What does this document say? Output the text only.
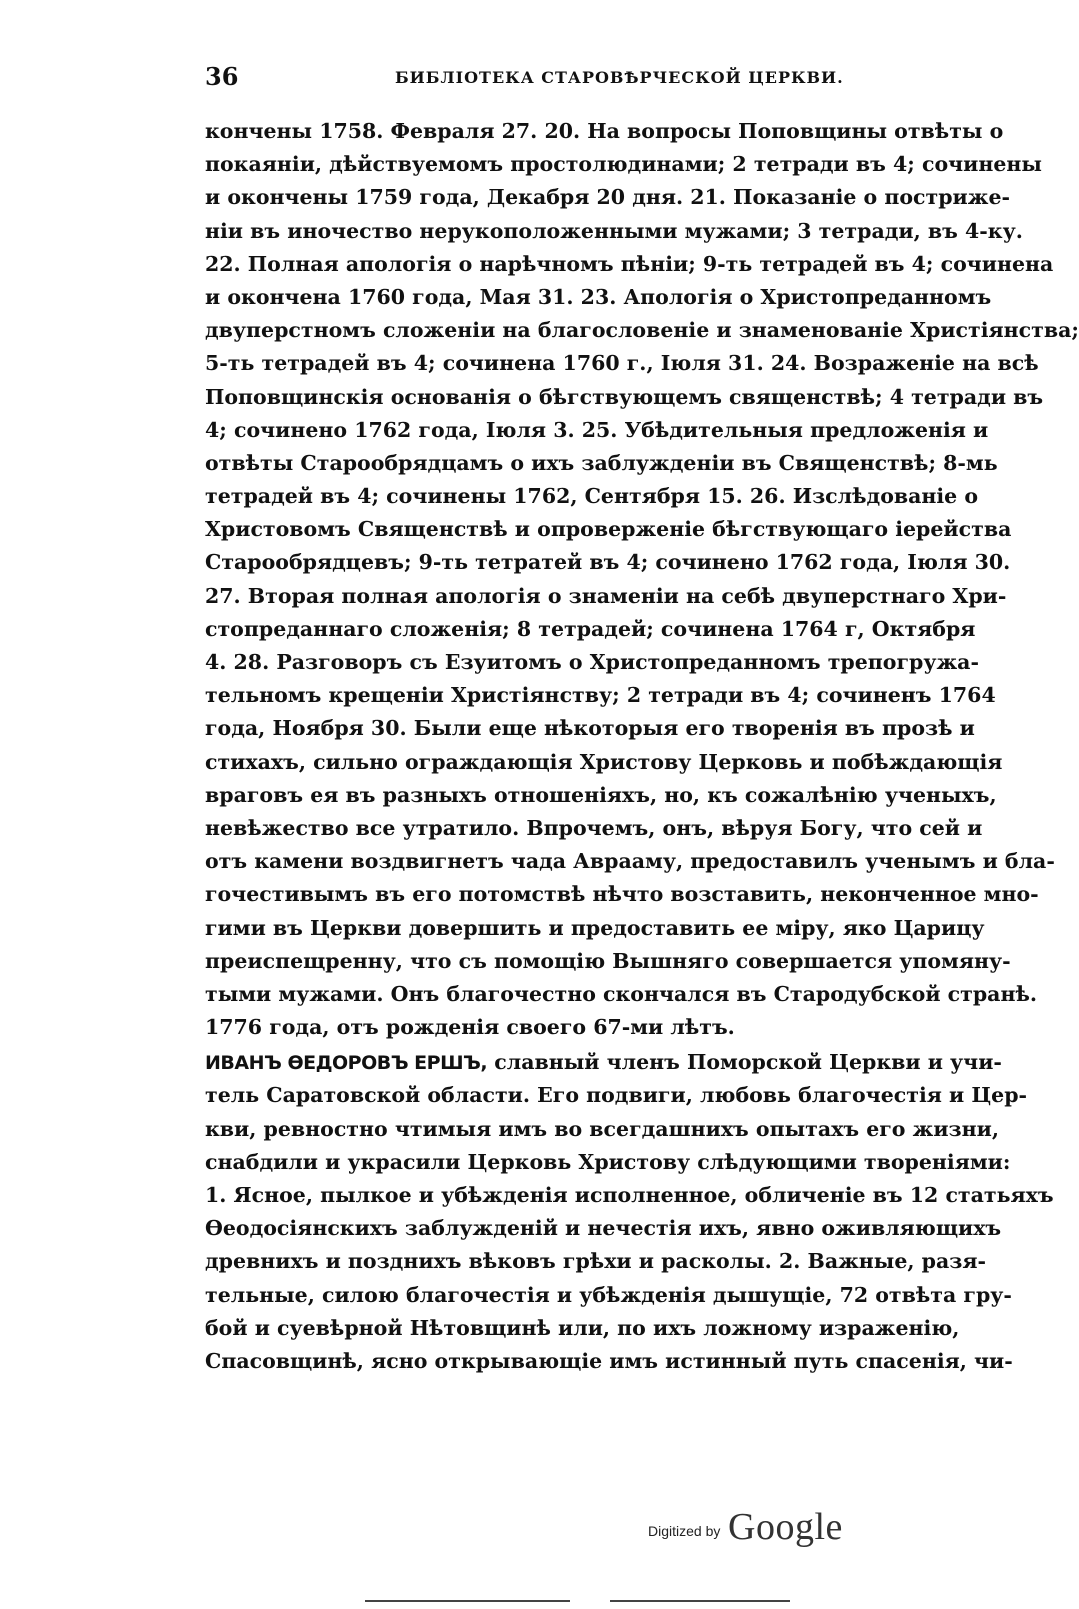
36	БИБЛIОТЕКА СТАРОВѢРЧЕСКОЙ ЦЕРКВИ.
кончены 1758. Февраля 27. 20. На вопросы Поповщины отвѣты о
покаянiи, дѣйствуемомъ простолюдинами; 2 тетради въ 4; сочинены
и окончены 1759 года, Декабря 20 дня. 21. Показанiе о постриже-
нiи въ иночество нерукоположенными мужами; 3 тетради, въ 4-ку.
22. Полная апологiя о нарѣчномъ пѣнiи; 9-ть тетрадей въ 4; сочинена
и окончена 1760 года, Мая 31. 23. Апологiя о Христопреданномъ
двуперстномъ сложенiи на благословенiе и знаменованiе Христiянства;
5-ть тетрадей въ 4; сочинена 1760 г., Iюля 31. 24. Возраженiе на всѣ
Поповщинскiя основанiя о бѣгствующемъ священствѣ; 4 тетради въ
4; сочинено 1762 года, Iюля 3. 25. Убѣдительныя предложенiя и
отвѣты Старообрядцамъ о ихъ заблужденiи въ Священствѣ; 8-мь
тетрадей въ 4; сочинены 1762, Сентября 15. 26. Изслѣдованiе о
Христовомъ Священствѣ и опроверженiе бѣгствующаго iерейства
Старообрядцевъ; 9-ть тетратей въ 4; сочинено 1762 года, Iюля 30.
27. Вторая полная апологiя о знаменiи на себѣ двуперстнаго Хри-
стопреданнаго сложенiя; 8 тетрадей; сочинена 1764 г, Октября
4. 28. Разговоръ съ Езуитомъ о Христопреданномъ трепогружа-
тельномъ крещенiи Христiянству; 2 тетради въ 4; сочиненъ 1764
года, Ноября 30. Были еще нѣкоторыя его творенiя въ прозѣ и
стихахъ, сильно ограждающiя Христову Церковь и побѣждающiя
враговъ ея въ разныхъ отношенiяхъ, но, къ сожалѣнiю ученыхъ,
невѣжество все утратило. Впрочемъ, онъ, вѣруя Богу, что сей и
отъ камени воздвигнетъ чада Аврааму, предоставилъ ученымъ и бла-
гочестивымъ въ его потомствѣ нѣчто возставить, неконченное мно-
гими въ Церкви довершить и предоставить ее мiру, яко Царицу
преиспещренну, что съ помощiю Вышняго совершается упомяну-
тыми мужами. Онъ благочестно скончался въ Стародубской странѣ.
1776 года, отъ рожденiя своего 67-ми лѣтъ.
ИВАНЪ ѲЕДОРОВЪ ЕРШЪ, славный членъ Поморской Церкви и учи-
тель Саратовской области. Его подвиги, любовь благочестiя и Цер-
кви, ревностно чтимыя имъ во всегдашнихъ опытахъ его жизни,
снабдили и украсили Церковь Христову слѣдующими творенiями:
1. Ясное, пылкое и убѣжденiя исполненное, обличенiе въ 12 статьяхъ
Ѳеодосiянскихъ заблужденiй и нечестiя ихъ, явно оживляющихъ
древнихъ и позднихъ вѣковъ грѣхи и расколы. 2. Важные, разя-
тельные, силою благочестiя и убѣжденiя дышущiе, 72 отвѣта гру-
бой и суевѣрной Нѣтовщинѣ или, по ихъ ложному израженiю,
Спасовщинѣ, ясно открывающiе имъ истинный путь спасенiя, чи-
Digitized by Google
